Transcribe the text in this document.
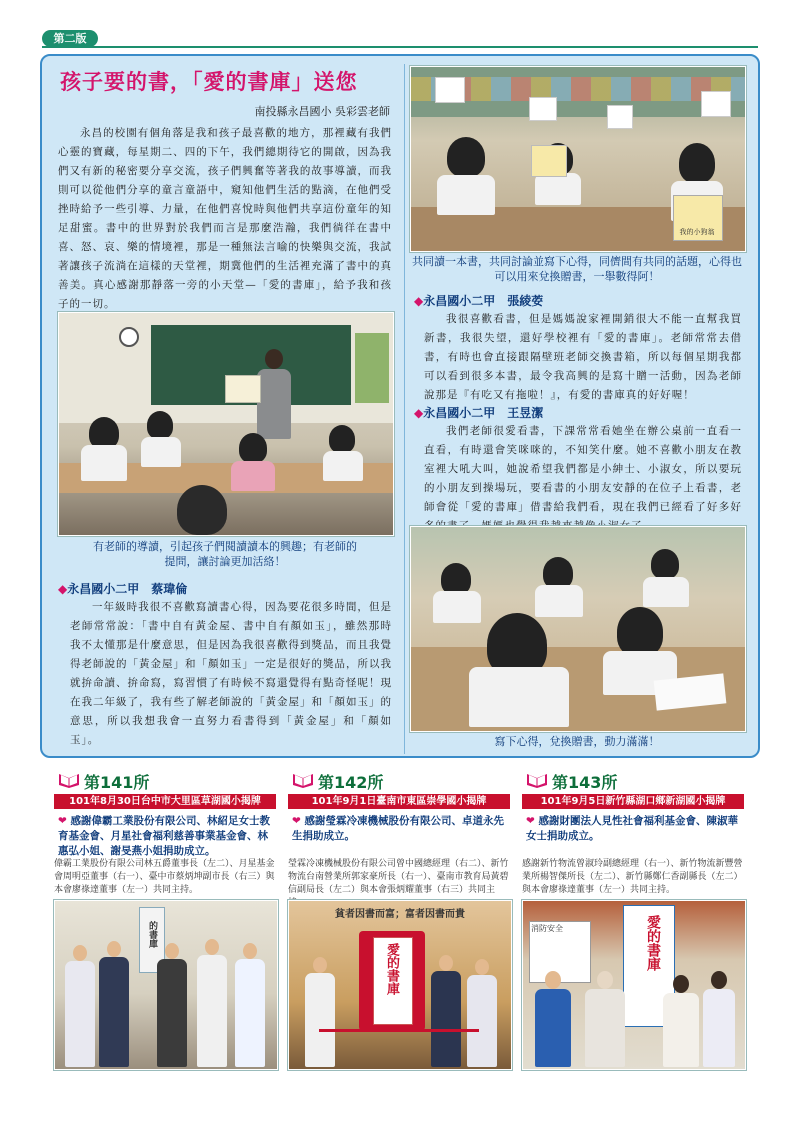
第二版
孩子要的書，「愛的書庫」送您
南投縣永昌國小 吳彩雲老師
永昌的校園有個角落是我和孩子最喜歡的地方，那裡藏有我們心靈的寶藏，每星期二、四的下午，我們總期待它的開啟，因為我們又有新的秘密要分享交流，孩子們興奮等著我的故事導讀，而我則可以從他們分享的童言童語中，窺知他們生活的點滴，在他們受挫時給予一些引導、力量，在他們喜悅時與他們共享這份童年的知足甜蜜。書中的世界對於我們而言是那麼浩瀚，我們徜徉在書中喜、怒、哀、樂的情境裡，那是一種無法言喻的快樂與交流，我試著讓孩子流淌在這樣的天堂裡，期冀他們的生活裡充滿了書中的真善美。真心感謝那靜落一旁的小天堂—「愛的書庫」，給予我和孩子的一切。
有老師的導讀，引起孩子們閱讀讀本的興趣；有老師的提問，讓討論更加活絡！
◆永昌國小二甲　蔡瑋倫
一年級時我很不喜歡寫讀書心得，因為要花很多時間，但是老師常常說：「書中自有黃金屋、書中自有顏如玉」，雖然那時我不太懂那是什麼意思，但是因為我很喜歡得到獎品，而且我覺得老師說的「黃金屋」和「顏如玉」一定是很好的獎品，所以我就拚命讀、拚命寫，寫習慣了有時候不寫還覺得有點奇怪呢！現在我二年級了，我有些了解老師說的「黃金屋」和「顏如玉」的意思，所以我想我會一直努力看書得到「黃金屋」和「顏如玉」。
我的小狗翁
共同讀一本書，共同討論並寫下心得，同儕間有共同的話題，心得也可以用來兌換贈書，一舉數得阿！
◆永昌國小二甲　張綾荌
我很喜歡看書，但是媽媽說家裡開銷很大不能一直幫我買新書，我很失望，還好學校裡有「愛的書庫」。老師常常去借書，有時也會直接跟隔壁班老師交換書箱，所以每個星期我都可以看到很多本書，最令我高興的是寫十贈一活動，因為老師說那是『有吃又有拖啦！』，有愛的書庫真的好好喔！
◆永昌國小二甲　王昱潔
我們老師很愛看書，下課常常看她坐在辦公桌前一直看一直看，有時還會笑咪咪的，不知笑什麼。她不喜歡小朋友在教室裡大吼大叫，她說希望我們都是小紳士、小淑女，所以要玩的小朋友到操場玩，要看書的小朋友安靜的在位子上看書，老師會從「愛的書庫」借書給我們看，現在我們已經看了好多好
寫下心得，兌換贈書，動力滿滿！
第141所
101年8月30日台中市大里區草湖國小揭牌
❤ 感謝偉霸工業股份有限公司、林紹足女士教育基金會、月星社會福利慈善事業基金會、林惠弘小姐、謝旻燕小姐捐助成立。
偉霸工業股份有限公司林五爵董事長（左二）、月星基金會周明亞董事（右一）、臺中市蔡炳坤副市長（右三）與本會廖祿達董事（左一）共同主持。
的書庫
第142所
101年9月1日臺南市東區崇學國小揭牌
❤ 感謝瑩霖冷凍機械股份有限公司、卓道永先生捐助成立。
瑩霖冷凍機械股份有限公司曾中國總經理（右二）、新竹物流台南營業所郭家豪所長（右一）、臺南市教育局黃碧信副局長（左二）與本會張炳耀董事（右三）共同主
貧者因書而富；富者因書而貴
愛的書庫
第143所
101年9月5日新竹縣湖口鄉新湖國小揭牌
❤ 感謝財團法人見性社會福利基金會、陳淑華女士捐助成立。
感謝新竹物流曾淑玲副總經理（右一）、新竹物流新豐營業所楊智傑所長（左二）、新竹縣鄭仁香副縣長（左二）與本會廖祿達董事（左一）共同主持。
消防安全	愛的書庫
